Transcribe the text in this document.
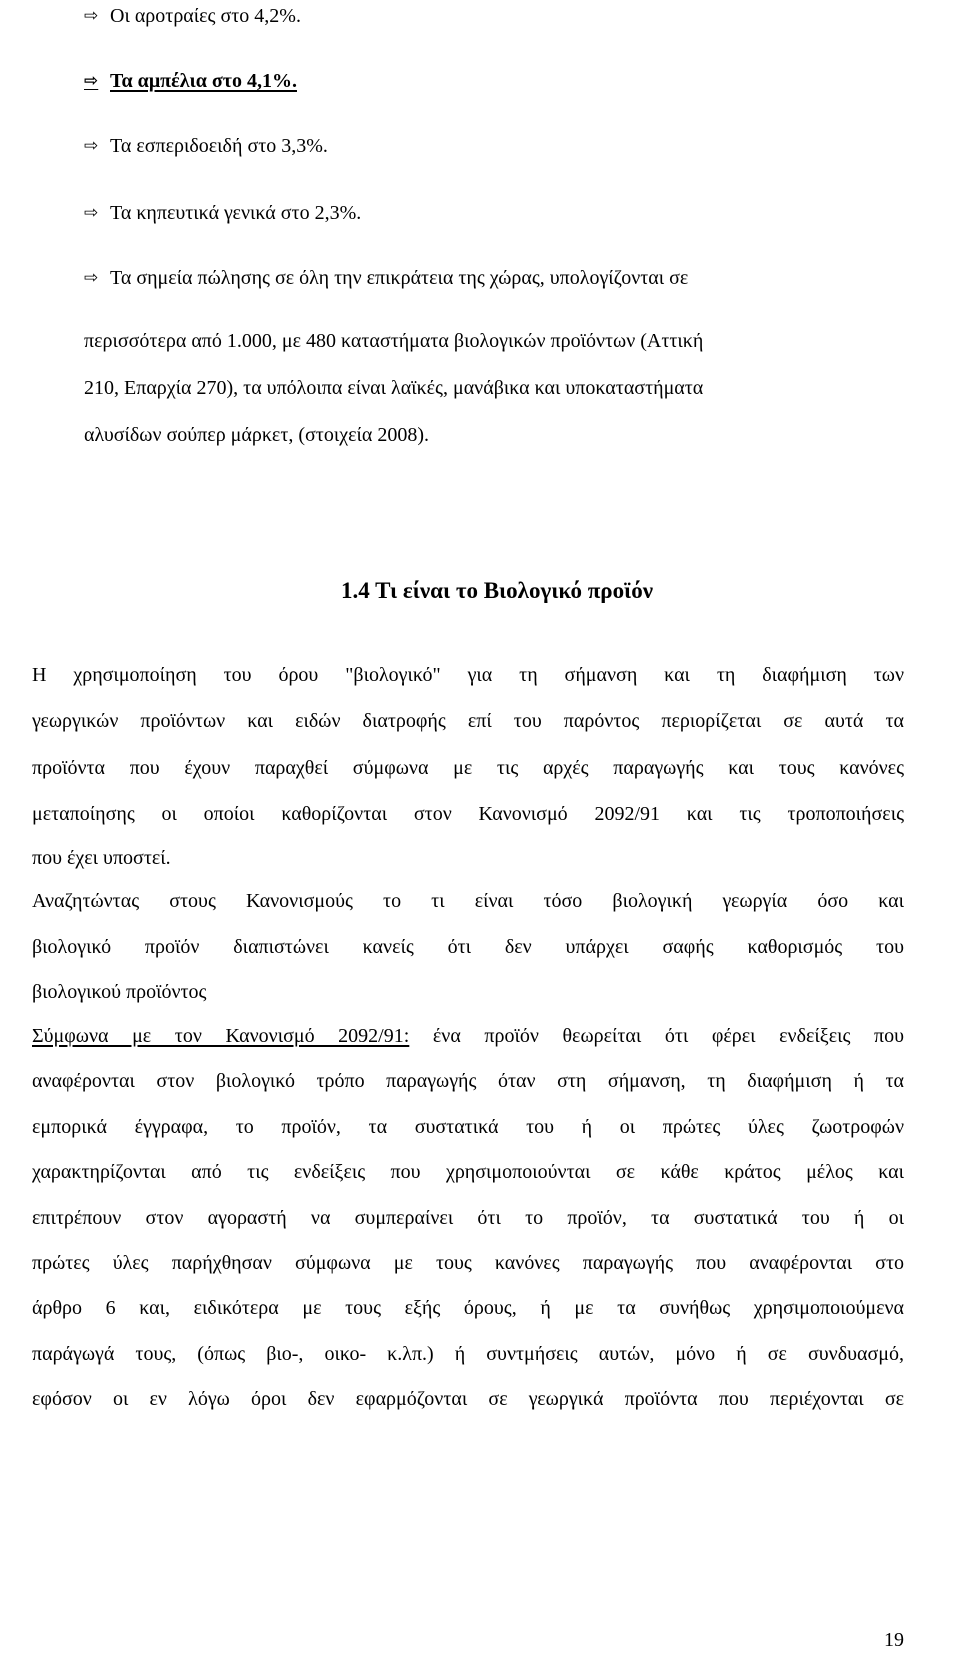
⇨ Οι αροτραίες στο 4,2%.
⇨ Τα αμπέλια στο 4,1%.
⇨ Τα εσπεριδοειδή στο 3,3%.
⇨ Τα κηπευτικά γενικά στο 2,3%.
⇨ Τα σημεία πώλησης σε όλη την επικράτεια της χώρας, υπολογίζονται σε
περισσότερα από 1.000, με 480 καταστήματα βιολογικών προϊόντων (Αττική
210, Επαρχία 270), τα υπόλοιπα είναι λαϊκές, μανάβικα και υποκαταστήματα
αλυσίδων σούπερ μάρκετ, (στοιχεία 2008).
1.4 Τι είναι το Βιολογικό προϊόν
Η χρησιμοποίηση του όρου "βιολογικό" για τη σήμανση και τη διαφήμιση των
γεωργικών προϊόντων και ειδών διατροφής επί του παρόντος περιορίζεται σε αυτά τα
προϊόντα που έχουν παραχθεί σύμφωνα με τις αρχές παραγωγής και τους κανόνες
μεταποίησης οι οποίοι καθορίζονται στον Κανονισμό 2092/91 και τις τροποποιήσεις
που έχει υποστεί.
Αναζητώντας στους Κανονισμούς το τι είναι τόσο βιολογική γεωργία όσο και
βιολογικό προϊόν διαπιστώνει κανείς ότι δεν υπάρχει σαφής καθορισμός του
βιολογικού προϊόντος
Σύμφωνα με τον Κανονισμό 2092/91: ένα προϊόν θεωρείται ότι φέρει ενδείξεις που
αναφέρονται στον βιολογικό τρόπο παραγωγής όταν στη σήμανση, τη διαφήμιση ή τα
εμπορικά έγγραφα, το προϊόν, τα συστατικά του ή οι πρώτες ύλες ζωοτροφών
χαρακτηρίζονται από τις ενδείξεις που χρησιμοποιούνται σε κάθε κράτος μέλος και
επιτρέπουν στον αγοραστή να συμπεραίνει ότι το προϊόν, τα συστατικά του ή οι
πρώτες ύλες παρήχθησαν σύμφωνα με τους κανόνες παραγωγής που αναφέρονται στο
άρθρο 6 και, ειδικότερα με τους εξής όρους, ή με τα συνήθως χρησιμοποιούμενα
παράγωγά τους, (όπως βιο-, οικο- κ.λπ.) ή συντμήσεις αυτών, μόνο ή σε συνδυασμό,
εφόσον οι εν λόγω όροι δεν εφαρμόζονται σε γεωργικά προϊόντα που περιέχονται σε
19
